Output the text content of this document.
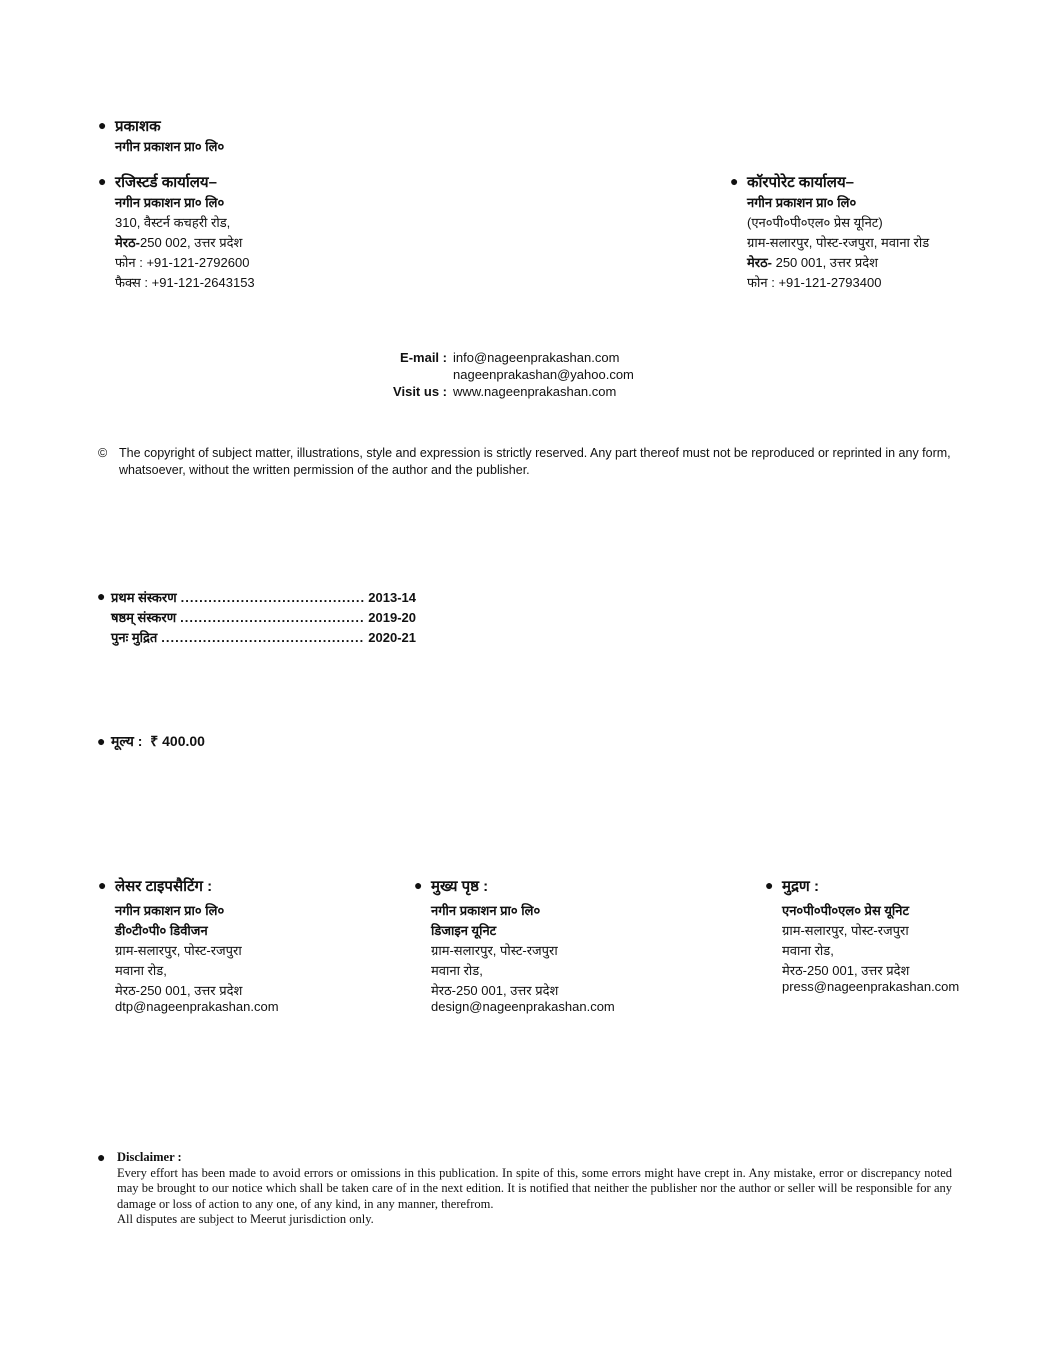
● प्रकाशक
नगीन प्रकाशन प्रा० लि०
● रजिस्टर्ड कार्यालय–
नगीन प्रकाशन प्रा० लि०
310, वैस्टर्न कचहरी रोड,
मेरठ-250 002, उत्तर प्रदेश
फोन : +91-121-2792600
फैक्स : +91-121-2643153
● कॉरपोरेट कार्यालय–
नगीन प्रकाशन प्रा० लि०
(एन०पी०पी०एल० प्रेस यूनिट)
ग्राम-सलारपुर, पोस्ट-रजपुरा, मवाना रोड
मेरठ- 250 001, उत्तर प्रदेश
फोन : +91-121-2793400
E-mail : info@nageenprakashan.com
nageenprakashan@yahoo.com
Visit us : www.nageenprakashan.com
© The copyright of subject matter, illustrations, style and expression is strictly reserved. Any part thereof must not be reproduced or reprinted in any form, whatsoever, without the written permission of the author and the publisher.
● प्रथम संस्करण .....	2013-14
षष्ठम् संस्करण .....	2019-20
पुनः मुद्रित .....	2020-21
● मूल्य : ₹ 400.00
● लेसर टाइपसैटिंग :
नगीन प्रकाशन प्रा० लि०
डी०टी०पी० डिवीजन
ग्राम-सलारपुर, पोस्ट-रजपुरा
मवाना रोड,
मेरठ-250 001, उत्तर प्रदेश
dtp@nageenprakashan.com
● मुख्य पृष्ठ :
नगीन प्रकाशन प्रा० लि०
डिजाइन यूनिट
ग्राम-सलारपुर, पोस्ट-रजपुरा
मवाना रोड,
मेरठ-250 001, उत्तर प्रदेश
design@nageenprakashan.com
● मुद्रण :
एन०पी०पी०एल० प्रेस यूनिट
ग्राम-सलारपुर, पोस्ट-रजपुरा
मवाना रोड,
मेरठ-250 001, उत्तर प्रदेश
press@nageenprakashan.com
● Disclaimer :
Every effort has been made to avoid errors or omissions in this publication. In spite of this, some errors might have crept in. Any mistake, error or discrepancy noted may be brought to our notice which shall be taken care of in the next edition. It is notified that neither the publisher nor the author or seller will be responsible for any damage or loss of action to any one, of any kind, in any manner, therefrom.
All disputes are subject to Meerut jurisdiction only.
